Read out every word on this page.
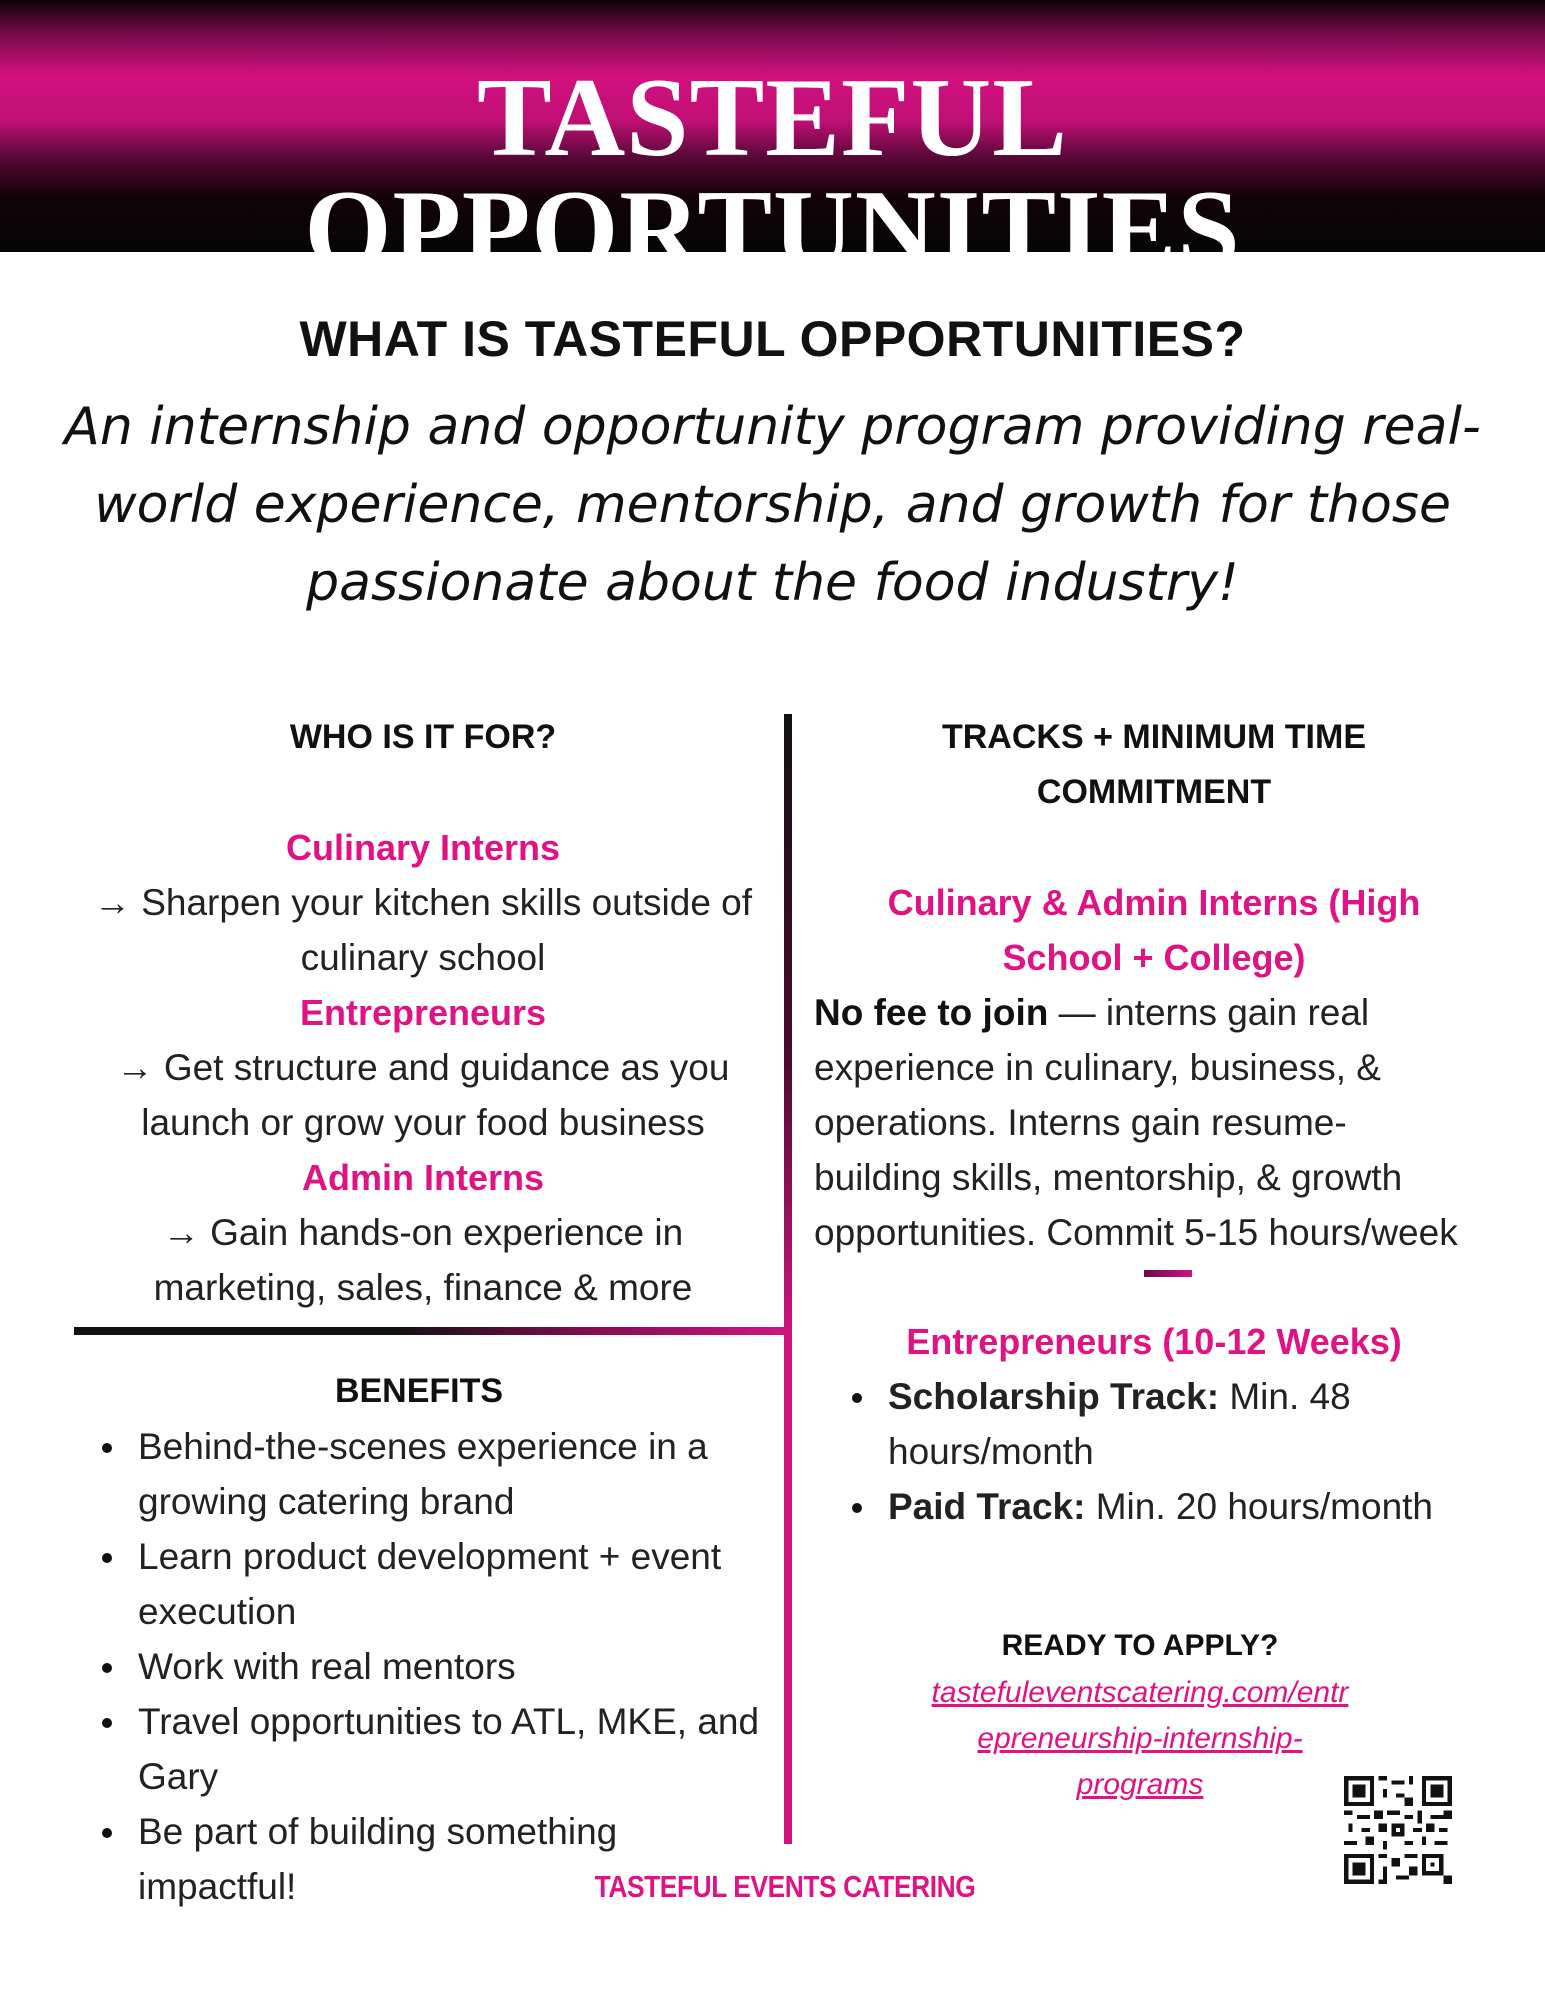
TASTEFUL OPPORTUNITIES
WHAT IS TASTEFUL OPPORTUNITIES?
An internship and opportunity program providing real-
world experience, mentorship, and growth for those
passionate about the food industry!
WHO IS IT FOR?
Culinary Interns
→ Sharpen your kitchen skills outside of
culinary school
Entrepreneurs
→ Get structure and guidance as you
launch or grow your food business
Admin Interns
→ Gain hands-on experience in
marketing, sales, finance & more
BENEFITS
Behind-the-scenes experience in a
growing catering brand
Learn product development + event
execution
Work with real mentors
Travel opportunities to ATL, MKE, and
Gary
Be part of building something
impactful!
TRACKS + MINIMUM TIME
COMMITMENT
Culinary & Admin Interns (High
School + College)
No fee to join — interns gain real
experience in culinary, business, &
operations. Interns gain resume-
building skills, mentorship, & growth
opportunities. Commit 5-15 hours/week
Entrepreneurs (10-12 Weeks)
Scholarship Track: Min. 48
hours/month
Paid Track: Min. 20 hours/month
READY TO APPLY?
tastefuleventscatering.com/entr
epreneurship-internship-
programs
TASTEFUL EVENTS CATERING
